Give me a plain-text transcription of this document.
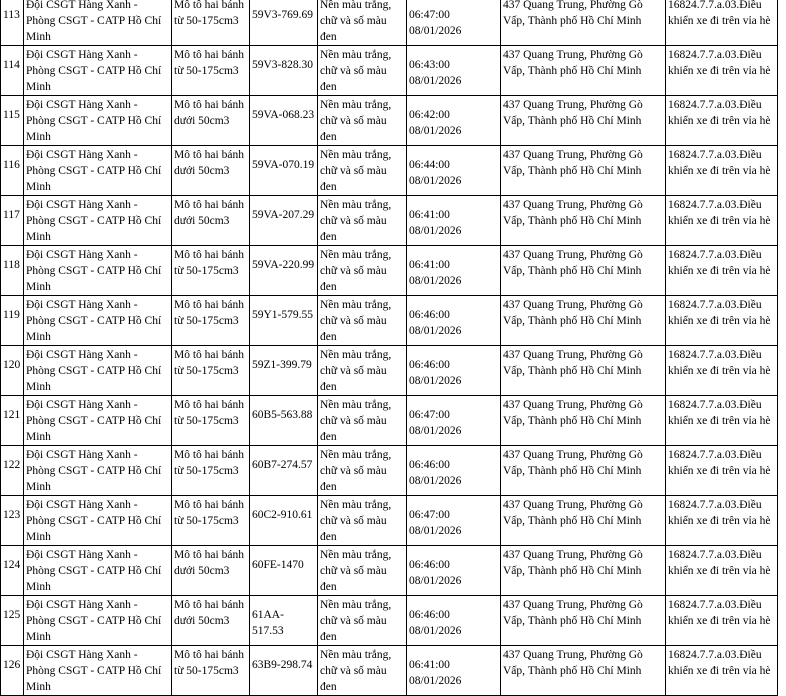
113	Đội CSGT Hàng Xanh - Phòng CSGT - CATP Hồ Chí Minh	Mô tô hai bánh từ 50-175cm3	59V3-769.69	Nền màu trắng, chữ và số màu đen	06:47:00 08/01/2026	437 Quang Trung, Phường Gò Vấp, Thành phố Hồ Chí Minh	16824.7.7.a.03.Điều khiển xe đi trên vỉa hè
114	Đội CSGT Hàng Xanh - Phòng CSGT - CATP Hồ Chí Minh	Mô tô hai bánh từ 50-175cm3	59V3-828.30	Nền màu trắng, chữ và số màu đen	06:43:00 08/01/2026	437 Quang Trung, Phường Gò Vấp, Thành phố Hồ Chí Minh	16824.7.7.a.03.Điều khiển xe đi trên vỉa hè
115	Đội CSGT Hàng Xanh - Phòng CSGT - CATP Hồ Chí Minh	Mô tô hai bánh dưới 50cm3	59VA-068.23	Nền màu trắng, chữ và số màu đen	06:42:00 08/01/2026	437 Quang Trung, Phường Gò Vấp, Thành phố Hồ Chí Minh	16824.7.7.a.03.Điều khiển xe đi trên vỉa hè
116	Đội CSGT Hàng Xanh - Phòng CSGT - CATP Hồ Chí Minh	Mô tô hai bánh dưới 50cm3	59VA-070.19	Nền màu trắng, chữ và số màu đen	06:44:00 08/01/2026	437 Quang Trung, Phường Gò Vấp, Thành phố Hồ Chí Minh	16824.7.7.a.03.Điều khiển xe đi trên vỉa hè
117	Đội CSGT Hàng Xanh - Phòng CSGT - CATP Hồ Chí Minh	Mô tô hai bánh dưới 50cm3	59VA-207.29	Nền màu trắng, chữ và số màu đen	06:41:00 08/01/2026	437 Quang Trung, Phường Gò Vấp, Thành phố Hồ Chí Minh	16824.7.7.a.03.Điều khiển xe đi trên vỉa hè
118	Đội CSGT Hàng Xanh - Phòng CSGT - CATP Hồ Chí Minh	Mô tô hai bánh từ 50-175cm3	59VA-220.99	Nền màu trắng, chữ và số màu đen	06:41:00 08/01/2026	437 Quang Trung, Phường Gò Vấp, Thành phố Hồ Chí Minh	16824.7.7.a.03.Điều khiển xe đi trên vỉa hè
119	Đội CSGT Hàng Xanh - Phòng CSGT - CATP Hồ Chí Minh	Mô tô hai bánh từ 50-175cm3	59Y1-579.55	Nền màu trắng, chữ và số màu đen	06:46:00 08/01/2026	437 Quang Trung, Phường Gò Vấp, Thành phố Hồ Chí Minh	16824.7.7.a.03.Điều khiển xe đi trên vỉa hè
120	Đội CSGT Hàng Xanh - Phòng CSGT - CATP Hồ Chí Minh	Mô tô hai bánh từ 50-175cm3	59Z1-399.79	Nền màu trắng, chữ và số màu đen	06:46:00 08/01/2026	437 Quang Trung, Phường Gò Vấp, Thành phố Hồ Chí Minh	16824.7.7.a.03.Điều khiển xe đi trên vỉa hè
121	Đội CSGT Hàng Xanh - Phòng CSGT - CATP Hồ Chí Minh	Mô tô hai bánh từ 50-175cm3	60B5-563.88	Nền màu trắng, chữ và số màu đen	06:47:00 08/01/2026	437 Quang Trung, Phường Gò Vấp, Thành phố Hồ Chí Minh	16824.7.7.a.03.Điều khiển xe đi trên vỉa hè
122	Đội CSGT Hàng Xanh - Phòng CSGT - CATP Hồ Chí Minh	Mô tô hai bánh từ 50-175cm3	60B7-274.57	Nền màu trắng, chữ và số màu đen	06:46:00 08/01/2026	437 Quang Trung, Phường Gò Vấp, Thành phố Hồ Chí Minh	16824.7.7.a.03.Điều khiển xe đi trên vỉa hè
123	Đội CSGT Hàng Xanh - Phòng CSGT - CATP Hồ Chí Minh	Mô tô hai bánh từ 50-175cm3	60C2-910.61	Nền màu trắng, chữ và số màu đen	06:47:00 08/01/2026	437 Quang Trung, Phường Gò Vấp, Thành phố Hồ Chí Minh	16824.7.7.a.03.Điều khiển xe đi trên vỉa hè
124	Đội CSGT Hàng Xanh - Phòng CSGT - CATP Hồ Chí Minh	Mô tô hai bánh dưới 50cm3	60FE-1470	Nền màu trắng, chữ và số màu đen	06:46:00 08/01/2026	437 Quang Trung, Phường Gò Vấp, Thành phố Hồ Chí Minh	16824.7.7.a.03.Điều khiển xe đi trên vỉa hè
125	Đội CSGT Hàng Xanh - Phòng CSGT - CATP Hồ Chí Minh	Mô tô hai bánh dưới 50cm3	61AA-517.53	Nền màu trắng, chữ và số màu đen	06:46:00 08/01/2026	437 Quang Trung, Phường Gò Vấp, Thành phố Hồ Chí Minh	16824.7.7.a.03.Điều khiển xe đi trên vỉa hè
126	Đội CSGT Hàng Xanh - Phòng CSGT - CATP Hồ Chí Minh	Mô tô hai bánh từ 50-175cm3	63B9-298.74	Nền màu trắng, chữ và số màu đen	06:41:00 08/01/2026	437 Quang Trung, Phường Gò Vấp, Thành phố Hồ Chí Minh	16824.7.7.a.03.Điều khiển xe đi trên vỉa hè
